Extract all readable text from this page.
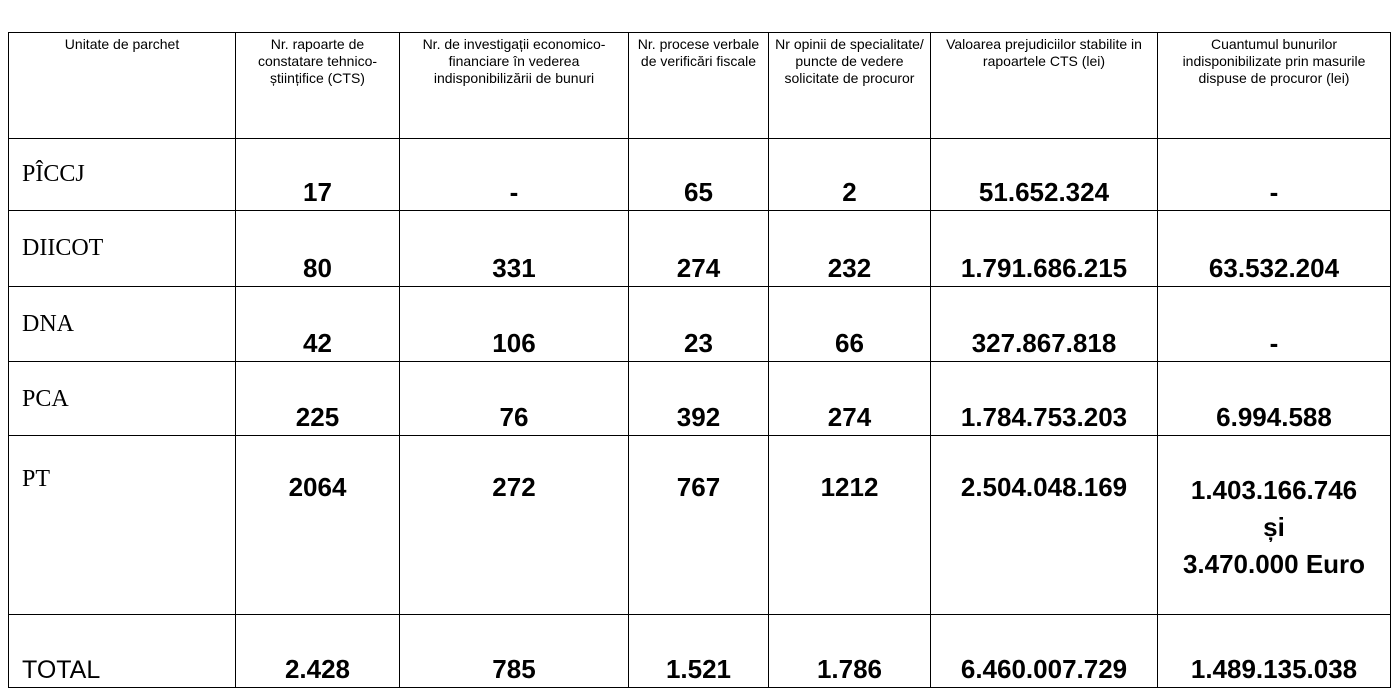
Unitate de parchet	Nr. rapoarte de constatare tehnico-științifice (CTS)	Nr. de investigații economico- financiare în vederea indisponibilizării de bunuri	Nr. procese verbale de verificări fiscale	Nr opinii de specialitate/ puncte de vedere solicitate de procuror	Valoarea prejudiciilor stabilite in rapoartele CTS (lei)	Cuantumul bunurilor indisponibilizate prin masurile dispuse de procuror (lei)
PÎCCJ	17	-	65	2	51.652.324	-
DIICOT	80	331	274	232	1.791.686.215	63.532.204
DNA	42	106	23	66	327.867.818	-
PCA	225	76	392	274	1.784.753.203	6.994.588
PT	2064	272	767	1212	2.504.048.169	1.403.166.746
și
3.470.000 Euro

TOTAL	2.428	785	1.521	1.786	6.460.007.729	1.489.135.038
